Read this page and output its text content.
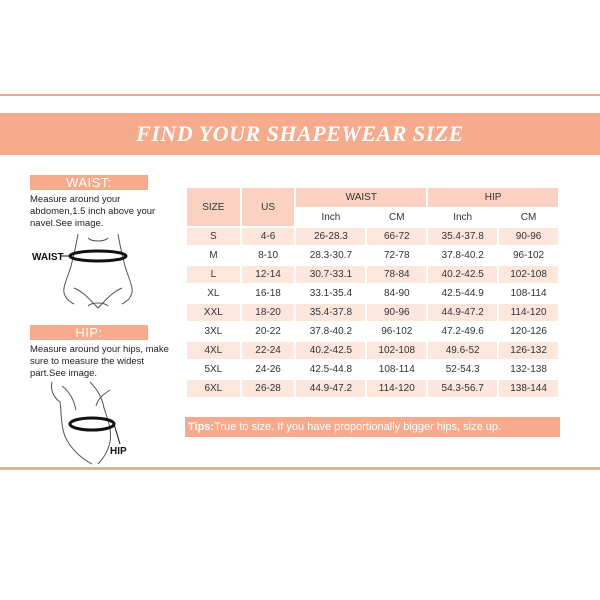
FIND YOUR SHAPEWEAR SIZE
WAIST:
Measure around your abdomen,1.5 inch above your navel.See image.
WAIST
HIP:
Measure around your hips, make sure to measure the widest part.See image.
HIP
SIZE	US	WAIST		HIP	
		Inch	CM	Inch	CM
S	4-6	26-28.3	66-72	35.4-37.8	90-96
M	8-10	28.3-30.7	72-78	37.8-40.2	96-102
L	12-14	30.7-33.1	78-84	40.2-42.5	102-108
XL	16-18	33.1-35.4	84-90	42.5-44.9	108-114
XXL	18-20	35.4-37.8	90-96	44.9-47.2	114-120
3XL	20-22	37.8-40.2	96-102	47.2-49.6	120-126
4XL	22-24	40.2-42.5	102-108	49.6-52	126-132
5XL	24-26	42.5-44.8	108-114	52-54.3	132-138
6XL	26-28	44.9-47.2	114-120	54.3-56.7	138-144
Tips:True to size. If you have proportionally bigger hips, size up.
